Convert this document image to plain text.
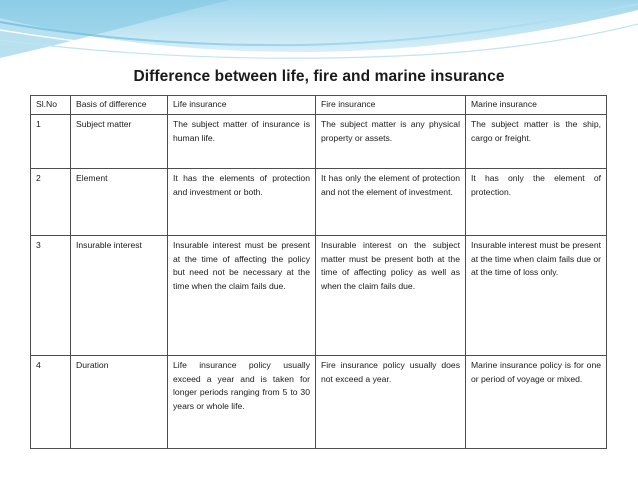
Difference between life, fire and marine insurance
Sl.No	Basis of difference	Life insurance	Fire insurance	Marine insurance
1	Subject matter	The subject matter of insurance is human life.	The subject matter is any physical property or assets.	The subject matter is the ship, cargo or freight.
2	Element	It has the elements of protection and investment or both.	It has only the element of protection and not the element of investment.	It has only the element of protection.
3	Insurable interest	Insurable interest must be present at the time of affecting the policy but need not be necessary at the time when the claim fails due.	Insurable interest on the subject matter must be present both at the time of affecting policy as well as when the claim fails due.	Insurable interest must be present at the time when claim fails due or at the time of loss only.
4	Duration	Life insurance policy usually exceed a year and is taken for longer periods ranging from 5 to 30 years or whole life.	Fire insurance policy usually does not exceed a year.	Marine insurance policy is for one or period of voyage or mixed.
